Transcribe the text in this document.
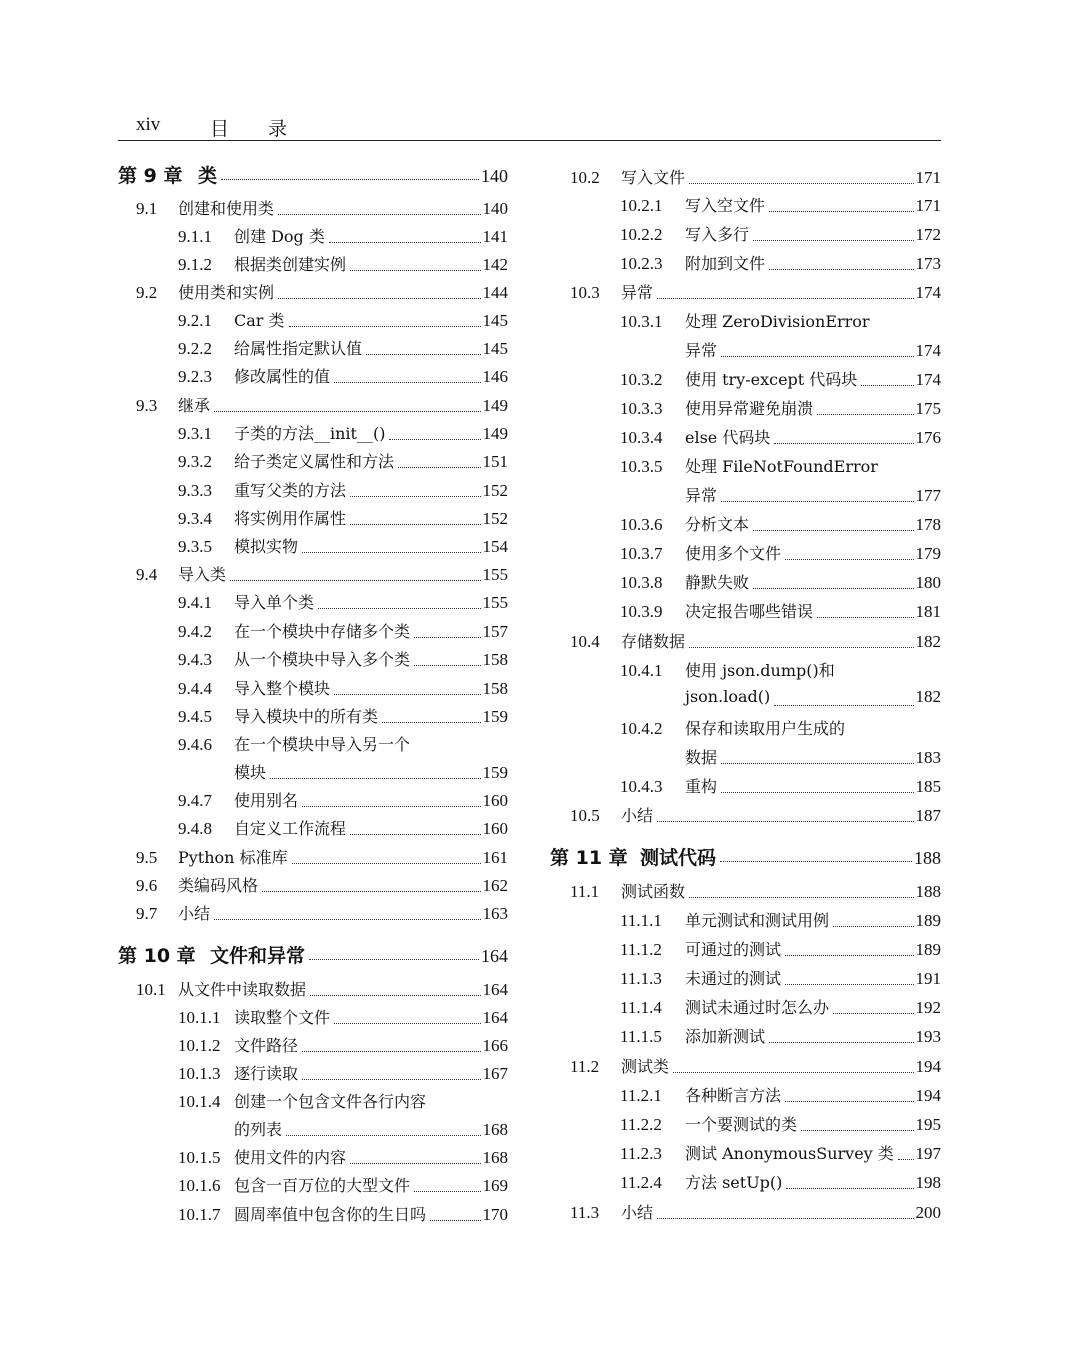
xiv	目 录
第 9 章 类	140
9.1	创建和使用类	140
9.1.1	创建 Dog 类	141
9.1.2	根据类创建实例	142
9.2	使用类和实例	144
9.2.1	Car 类	145
9.2.2	给属性指定默认值	145
9.2.3	修改属性的值	146
9.3	继承	149
9.3.1	子类的方法__init__()	149
9.3.2	给子类定义属性和方法	151
9.3.3	重写父类的方法	152
9.3.4	将实例用作属性	152
9.3.5	模拟实物	154
9.4	导入类	155
9.4.1	导入单个类	155
9.4.2	在一个模块中存储多个类	157
9.4.3	从一个模块中导入多个类	158
9.4.4	导入整个模块	158
9.4.5	导入模块中的所有类	159
9.4.6	在一个模块中导入另一个
模块	159
9.4.7	使用别名	160
9.4.8	自定义工作流程	160
9.5	Python 标准库	161
9.6	类编码风格	162
9.7	小结	163
第 10 章 文件和异常	164
10.1 从文件中读取数据	164
10.1.1 读取整个文件	164
10.1.2 文件路径	166
10.1.3 逐行读取	167
10.1.4 创建一个包含文件各行内容
的列表	168
10.1.5 使用文件的内容	168
10.1.6 包含一百万位的大型文件	169
10.1.7 圆周率值中包含你的生日吗	170
10.2	写入文件	171
10.2.1	写入空文件	171
10.2.2	写入多行	172
10.2.3	附加到文件	173
10.3	异常	174
10.3.1	处理 ZeroDivisionError
异常	174
10.3.2	使用 try-except 代码块	174
10.3.3	使用异常避免崩溃	175
10.3.4	else 代码块	176
10.3.5	处理 FileNotFoundError
异常	177
10.3.6	分析文本	178
10.3.7	使用多个文件	179
10.3.8	静默失败	180
10.3.9	决定报告哪些错误	181
10.4	存储数据	182
10.4.1	使用 json.dump()和
json.load()	182
10.4.2	保存和读取用户生成的
数据	183
10.4.3	重构	185
10.5	小结	187
第 11 章 测试代码	188
11.1	测试函数	188
11.1.1	单元测试和测试用例	189
11.1.2	可通过的测试	189
11.1.3	未通过的测试	191
11.1.4	测试未通过时怎么办	192
11.1.5	添加新测试	193
11.2	测试类	194
11.2.1	各种断言方法	194
11.2.2	一个要测试的类	195
11.2.3	测试 AnonymousSurvey 类 197
11.2.4	方法 setUp()	198
11.3	小结	200
